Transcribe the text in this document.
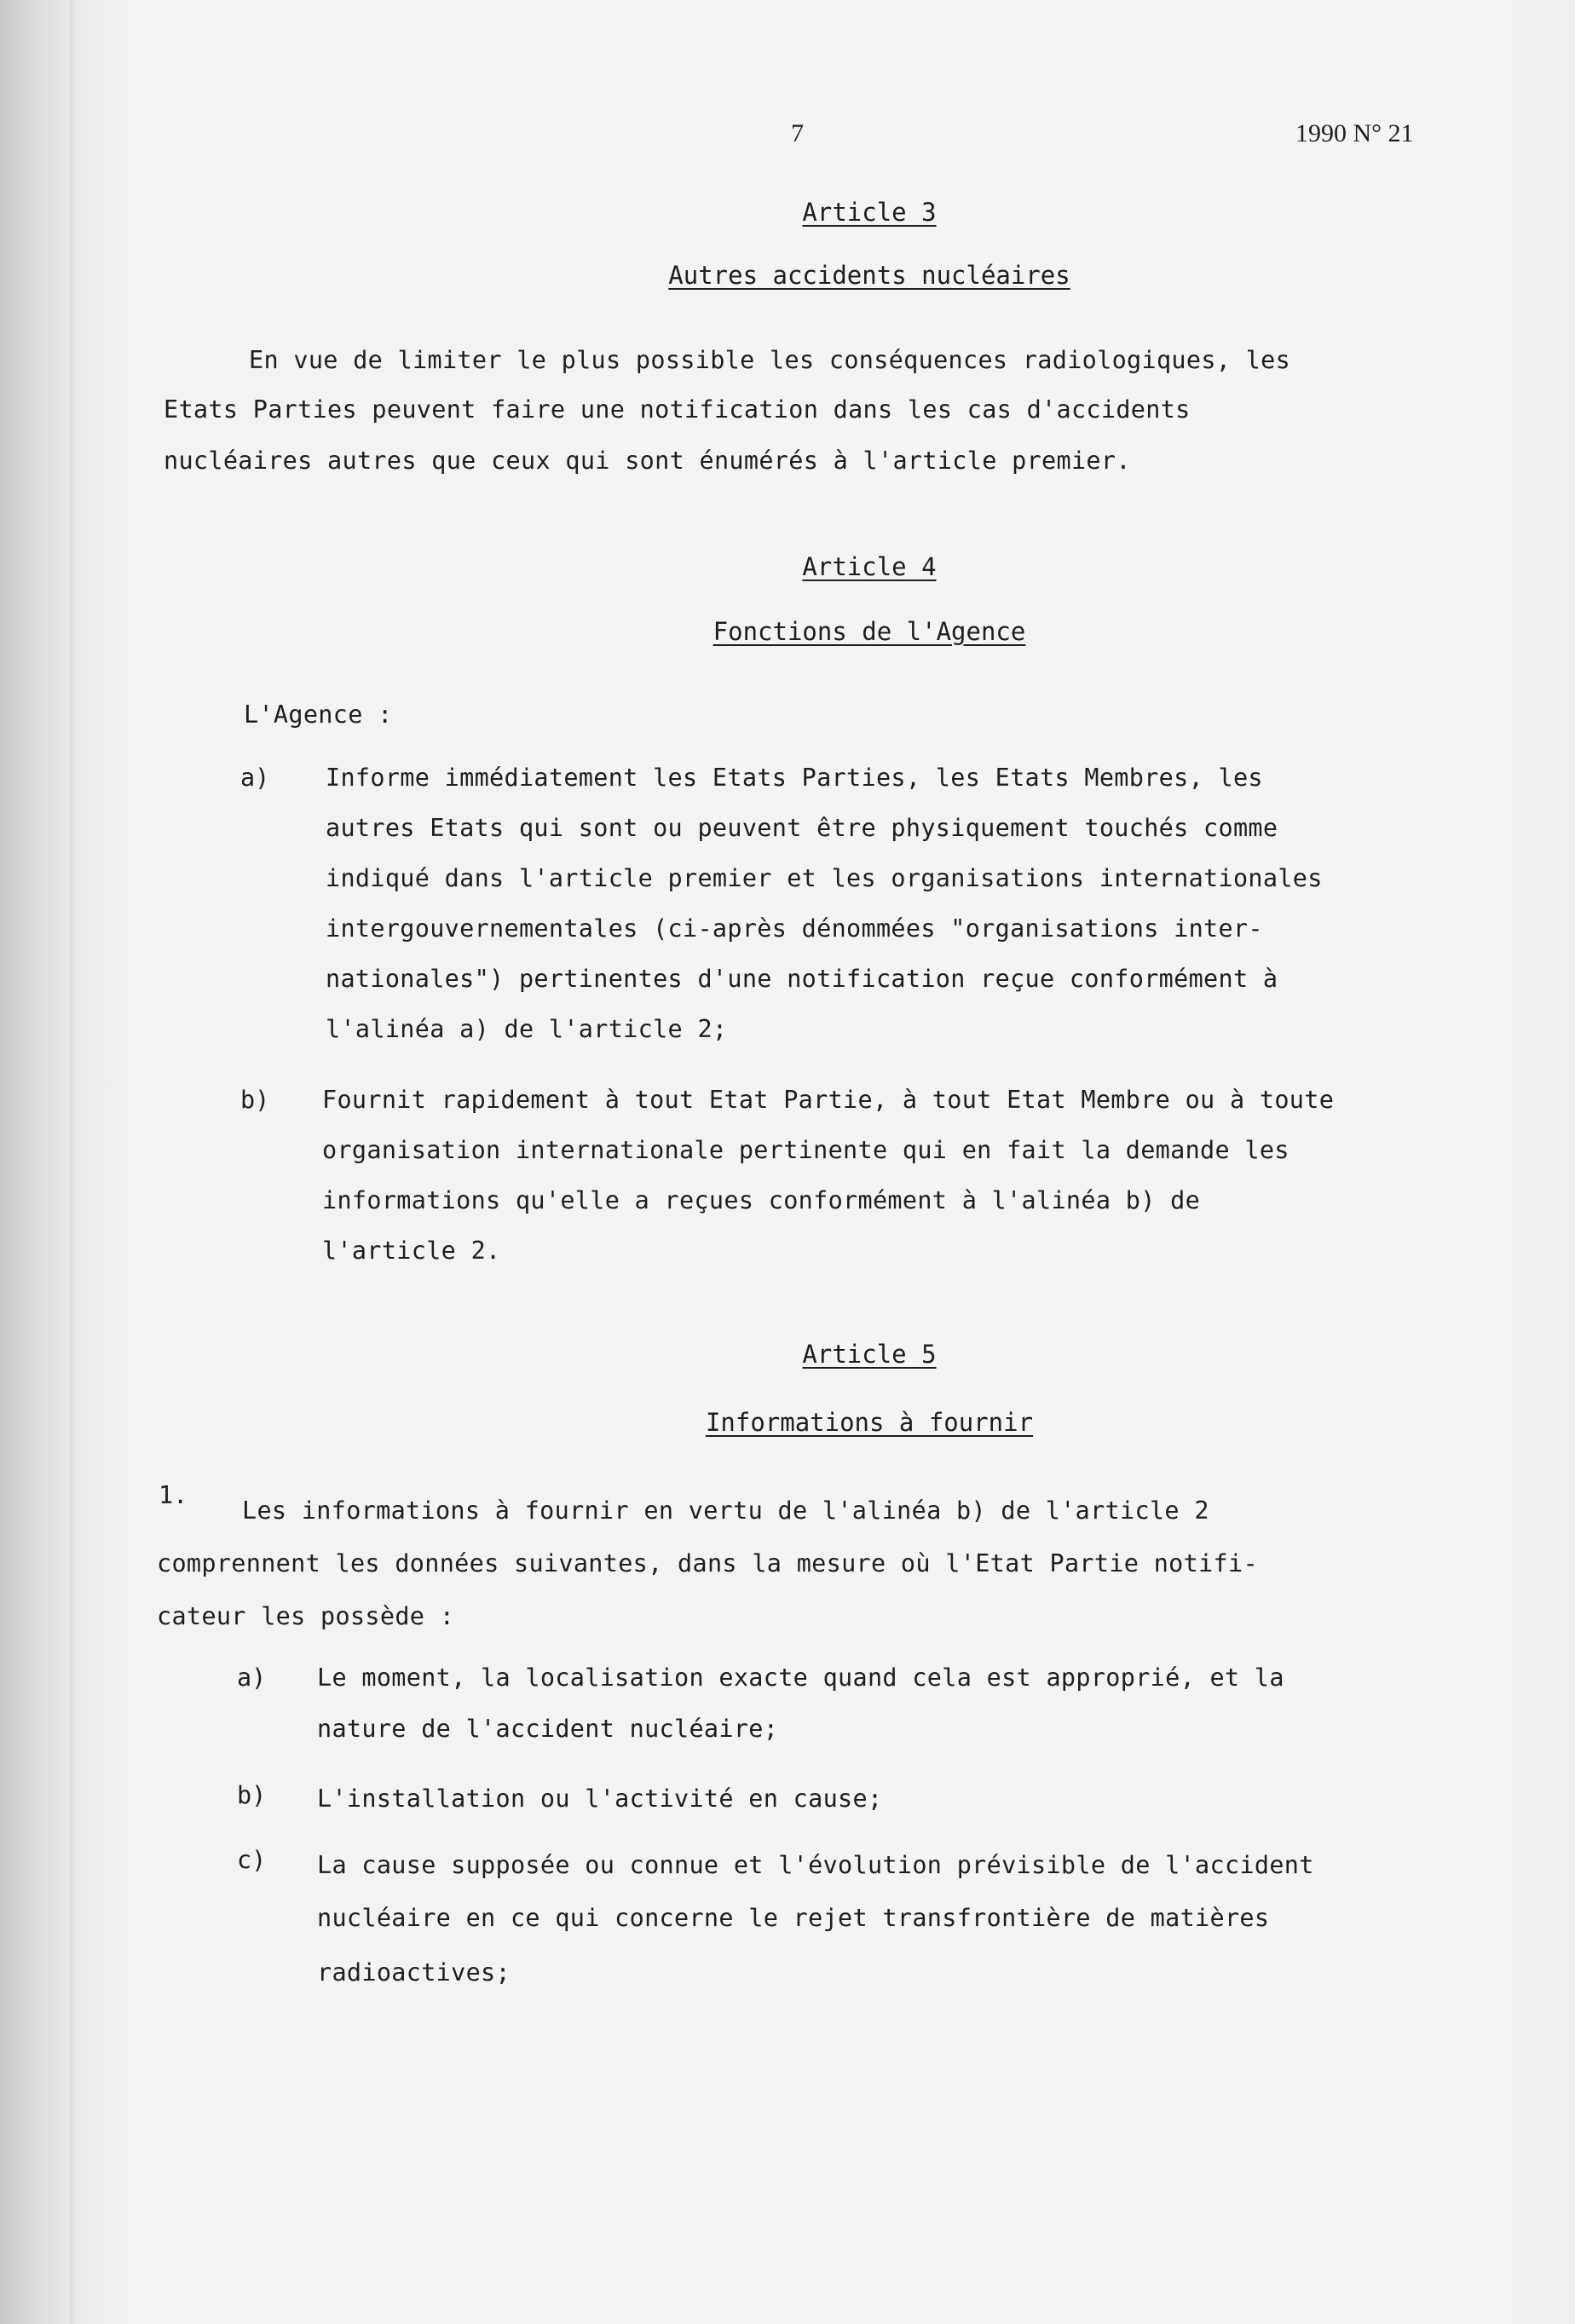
7	1990 N° 21
Article 3
Autres accidents nucléaires
En vue de limiter le plus possible les conséquences radiologiques, les
Etats Parties peuvent faire une notification dans les cas d'accidents
nucléaires autres que ceux qui sont énumérés à l'article premier.
Article 4
Fonctions de l'Agence
L'Agence :
a) Informe immédiatement les Etats Parties, les Etats Membres, les
autres Etats qui sont ou peuvent être physiquement touchés comme
indiqué dans l'article premier et les organisations internationales
intergouvernementales (ci-après dénommées "organisations inter-
nationales") pertinentes d'une notification reçue conformément à
l'alinéa a) de l'article 2;
b) Fournit rapidement à tout Etat Partie, à tout Etat Membre ou à toute
organisation internationale pertinente qui en fait la demande les
informations qu'elle a reçues conformément à l'alinéa b) de
l'article 2.
Article 5
Informations à fournir
1.
Les informations à fournir en vertu de l'alinéa b) de l'article 2
comprennent les données suivantes, dans la mesure où l'Etat Partie notifi-
cateur les possède :
a) Le moment, la localisation exacte quand cela est approprié, et la
nature de l'accident nucléaire;
b) L'installation ou l'activité en cause;
c) La cause supposée ou connue et l'évolution prévisible de l'accident
nucléaire en ce qui concerne le rejet transfrontière de matières
radioactives;
